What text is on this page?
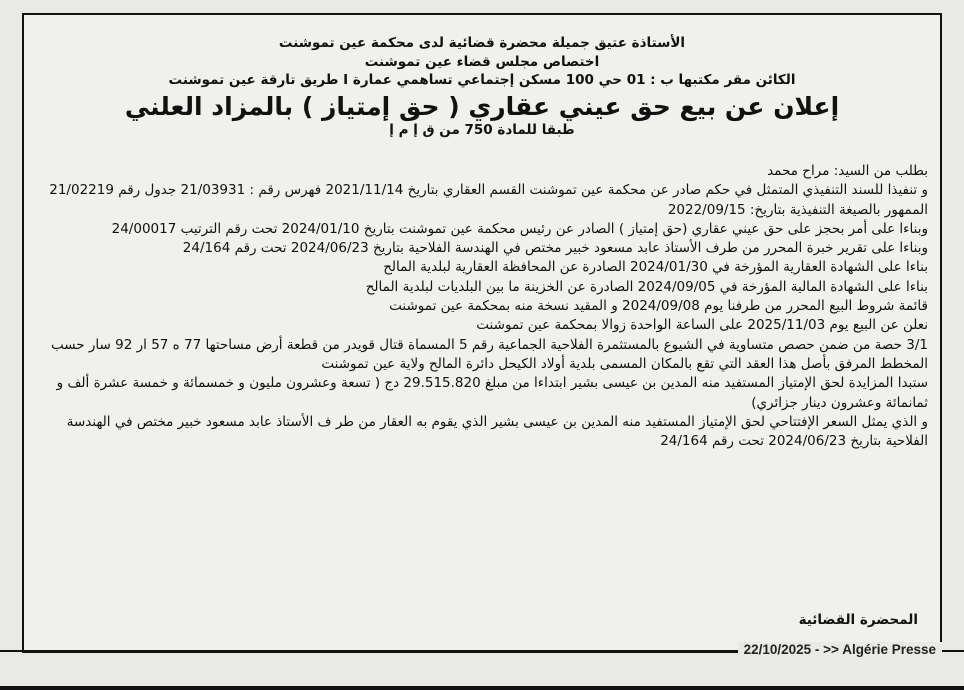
الأستاذة عتيق جميلة محضرة قضائية لدى محكمة عين تموشنت
اختصاص مجلس قضاء عين تموشنت
الكائن مقر مكتبها ب : 01 حي 100 مسكن إجتماعي تساهمي عمارة I طريق تارقة عين تموشنت
إعلان عن بيع حق عيني عقاري ( حق إمتياز ) بالمزاد العلني
طبقا للمادة 750 من ق إ م إ

بطلب من السيد: مراح محمد

و تنفيذا للسند التنفيذي المتمثل في حكم صادر عن محكمة عين تموشنت القسم العقاري بتاريخ 2021/11/14 فهرس رقم : 21/03931 جدول رقم 21/02219 الممهور بالصيغة التنفيذية بتاريخ: 2022/09/15

وبناءا على أمر بحجز على حق عيني عقاري (حق إمتياز ) الصادر عن رئيس محكمة عين تموشنت بتاريخ 2024/01/10 تحت رقم الترتيب 24/00017

وبناءا على تقرير خبرة المحرر من طرف الأستاذ عابد مسعود خبير مختص في الهندسة الفلاحية بتاريخ 2024/06/23 تحت رقم 24/164

بناءا على الشهادة العقارية المؤرخة في 2024/01/30 الصادرة عن المحافظة العقارية لبلدية المالح

بناءا على الشهادة المالية المؤرخة في 2024/09/05 الصادرة عن الخزينة ما بين البلديات لبلدية المالح

قائمة شروط البيع المحرر من طرفنا يوم 2024/09/08 و المقيد نسخة منه بمحكمة عين تموشنت

نعلن عن البيع يوم 2025/11/03 على الساعة الواحدة زوالا بمحكمة عين تموشنت

3/1 حصة من ضمن حصص متساوية في الشيوع بالمستثمرة الفلاحية الجماعية رقم 5 المسماة قتال قويدر من قطعة أرض مساحتها 77 ه 57 ار 92 سار حسب المخطط المرفق بأصل هذا العقد التي تقع بالمكان المسمى بلدية أولاد الكيحل دائرة المالح ولاية عين تموشنت

ستبدا المزايدة لحق الإمتياز المستفيد منه المدين بن عيسى بشير ابتداءا من مبلغ 29.515.820 دج ( تسعة وعشرون مليون و خمسمائة و خمسة عشرة ألف و ثمانمائة وعشرون دينار جزائري)

و الذي يمثل السعر الإفتتاحي لحق الإمتياز المستفيد منه المدين بن عيسى بشير الذي يقوم به العقار من طر ف الأستاذ عابد مسعود خبير مختص في الهندسة الفلاحية بتاريخ 2024/06/23 تحت رقم 24/164

المحضرة القضائية
22/10/2025 - >> Algérie Presse
